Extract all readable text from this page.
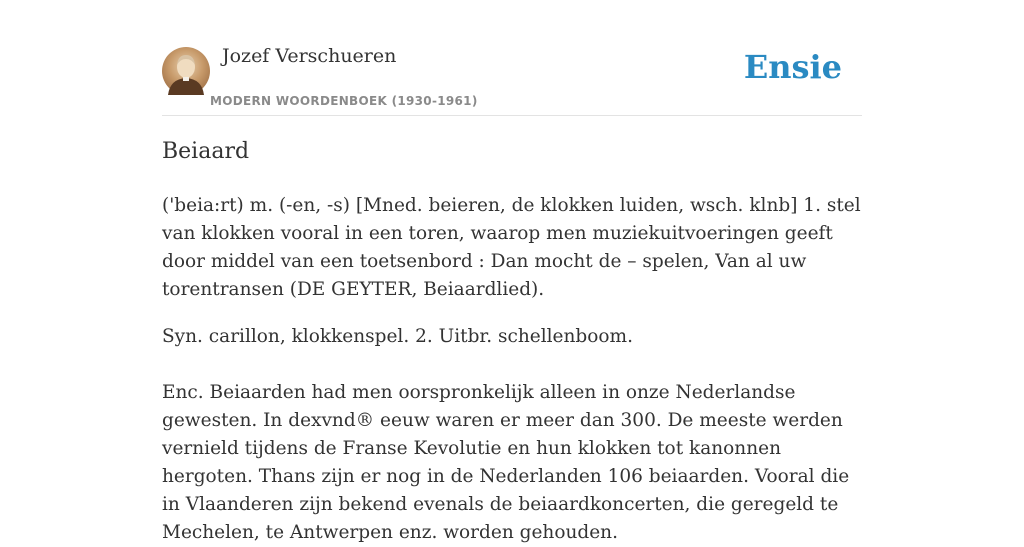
Jozef Verschueren
MODERN WOORDENBOEK (1930-1961)
Ensie
Beiaard

('beia:rt) m. (-en, -s) [Mned. beieren, de klokken luiden, wsch. klnb] 1. stel van klokken vooral in een toren, waarop men muziekuitvoeringen geeft door middel van een toetsenbord : Dan mocht de – spelen, Van al uw torentransen (DE GEYTER, Beiaardlied).

Syn. carillon, klokkenspel. 2. Uitbr. schellenboom.

Enc. Beiaarden had men oorspronkelijk alleen in onze Nederlandse gewesten. In dexvnd® eeuw waren er meer dan 300. De meeste werden vernield tijdens de Franse Kevolutie en hun klokken tot kanonnen hergoten. Thans zijn er nog in de Nederlanden 106 beiaarden. Vooral die in Vlaanderen zijn bekend evenals de beiaardkoncerten, die geregeld te Mechelen, te Antwerpen enz. worden gehouden.
